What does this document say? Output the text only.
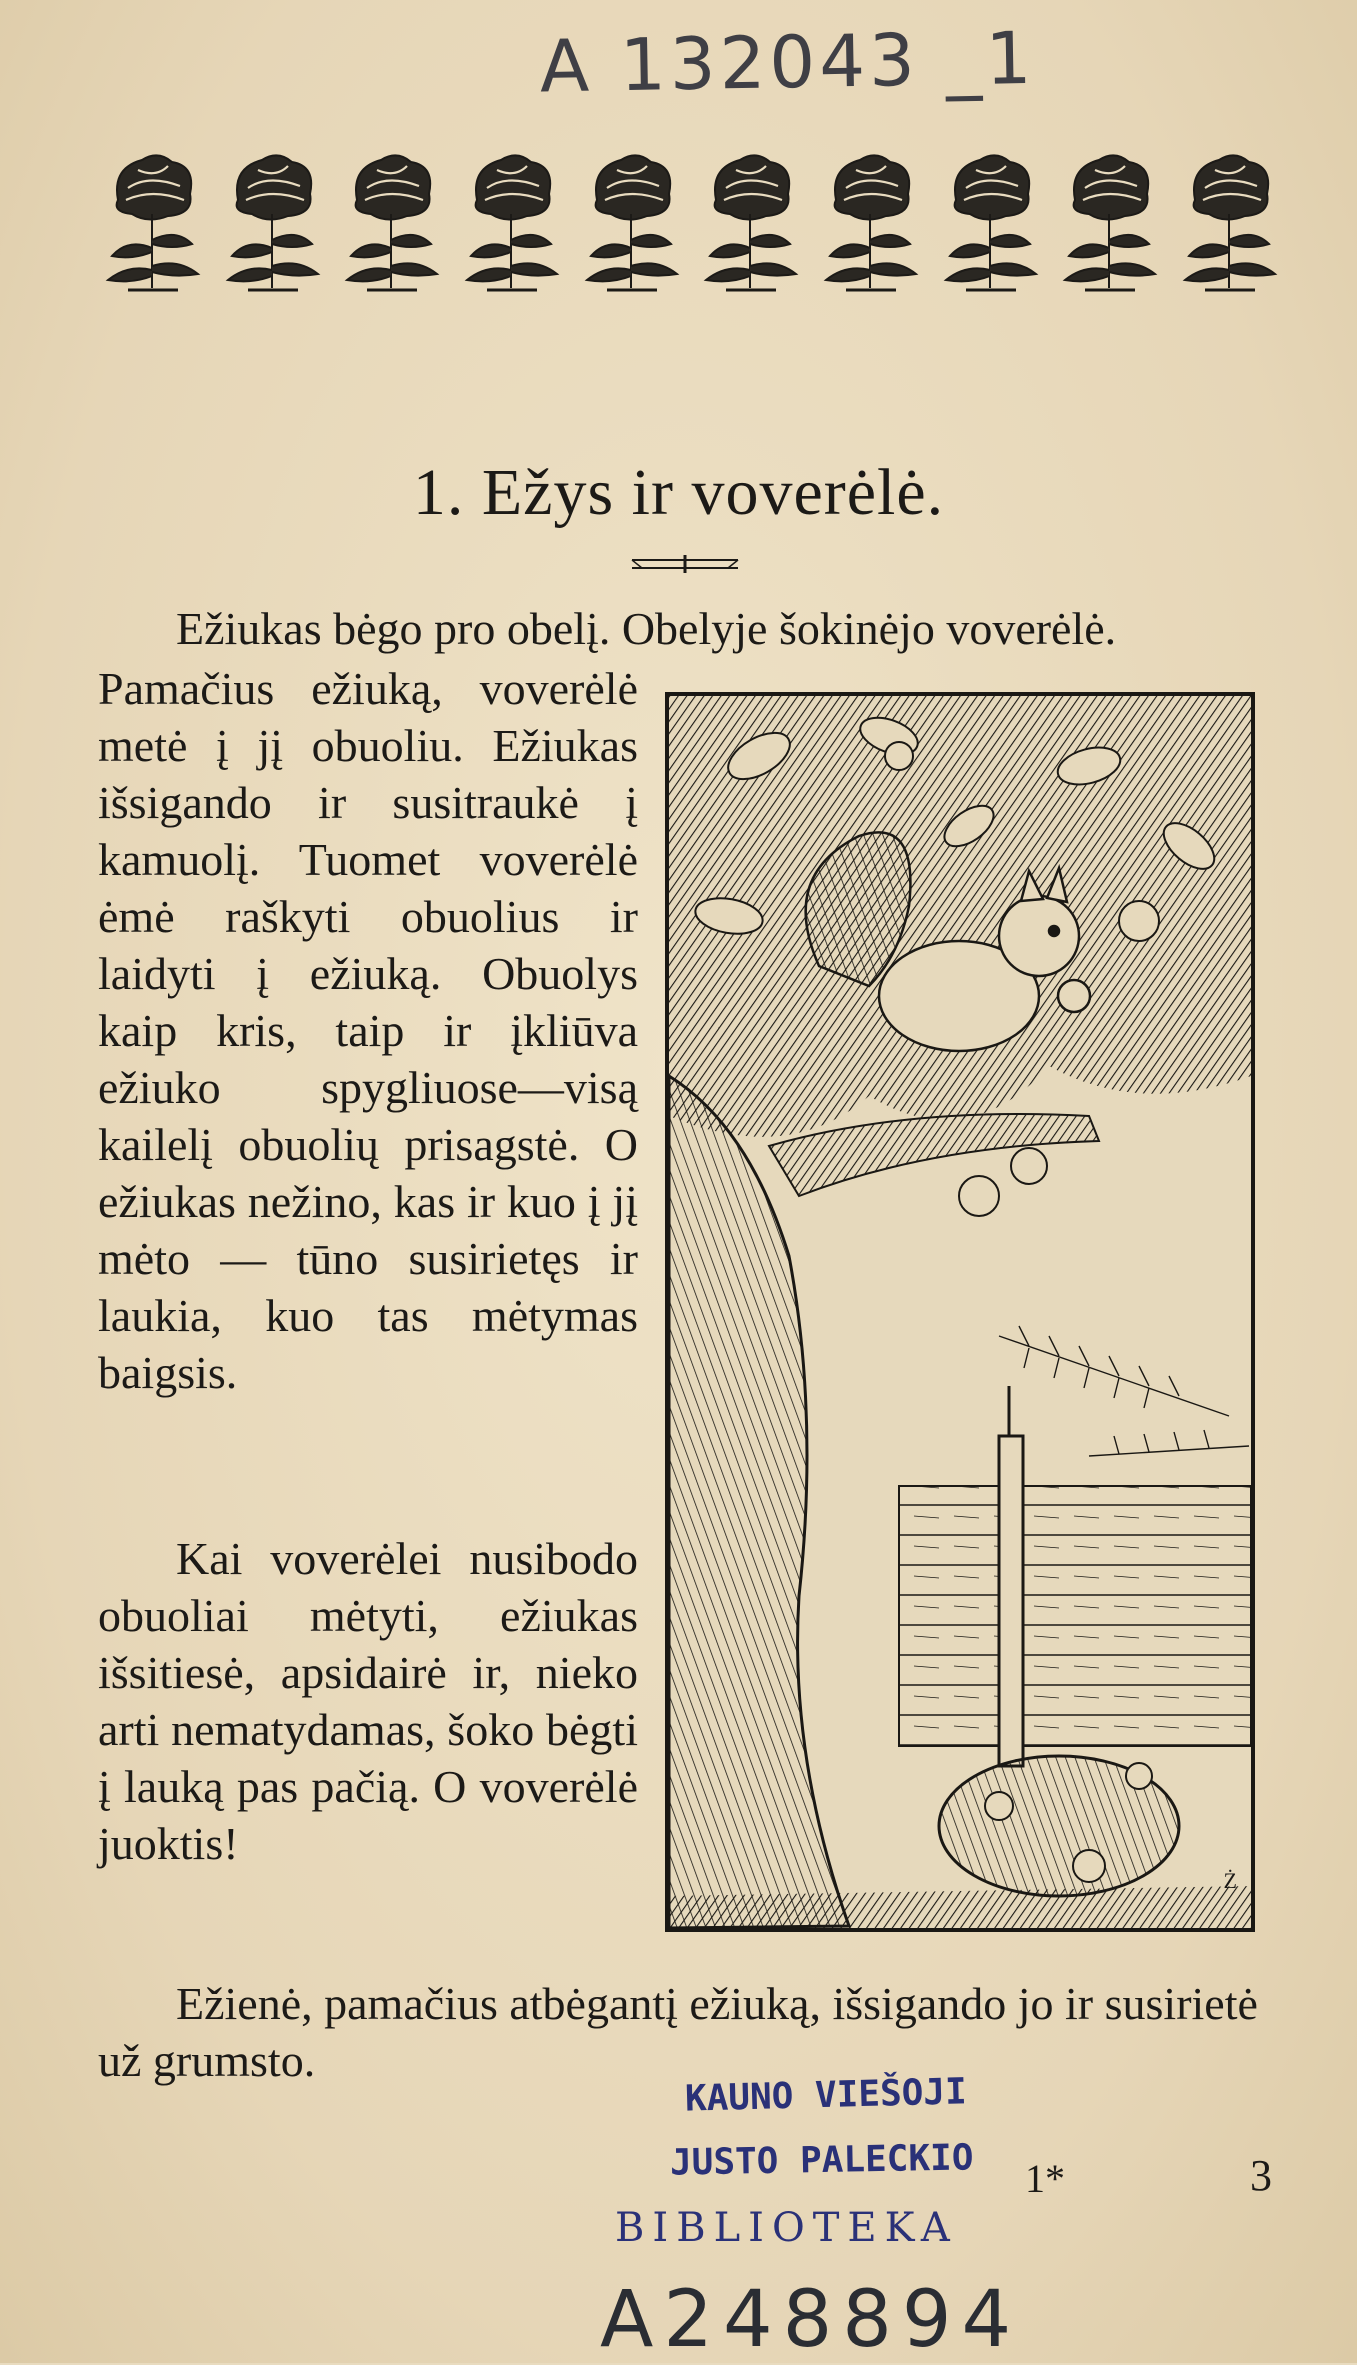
A 132043 _1
1. Ežys ir voverėlė.
Ežiukas bėgo pro obelį. Obelyje šokinėjo voverėlė.
Pamačius ežiuką, voverėlė metė į jį obuoliu. Ežiukas išsigando ir susitraukė į kamuolį. Tuomet voverėlė ėmė raškyti obuolius ir laidyti į ežiuką. Obuolys kaip kris, taip ir įkliūva ežiuko spygliuose—visą kailelį obuolių prisagstė. O ežiukas nežino, kas ir kuo į jį mėto — tūno susirietęs ir laukia, kuo tas mėtymas baigsis.
Kai voverėlei nusibodo obuoliai mėtyti, ežiukas išsitiesė, apsidairė ir, nieko arti nematydamas, šoko bėgti į lauką pas pačią. O voverėlė juoktis!
Ežienė, pamačius atbėgantį ežiuką, išsigando jo ir susirietė už grumsto.
Ż
KAUNO VIEŠOJI
JUSTO PALECKIO
BIBLIOTEKA
1*	3
A248894
